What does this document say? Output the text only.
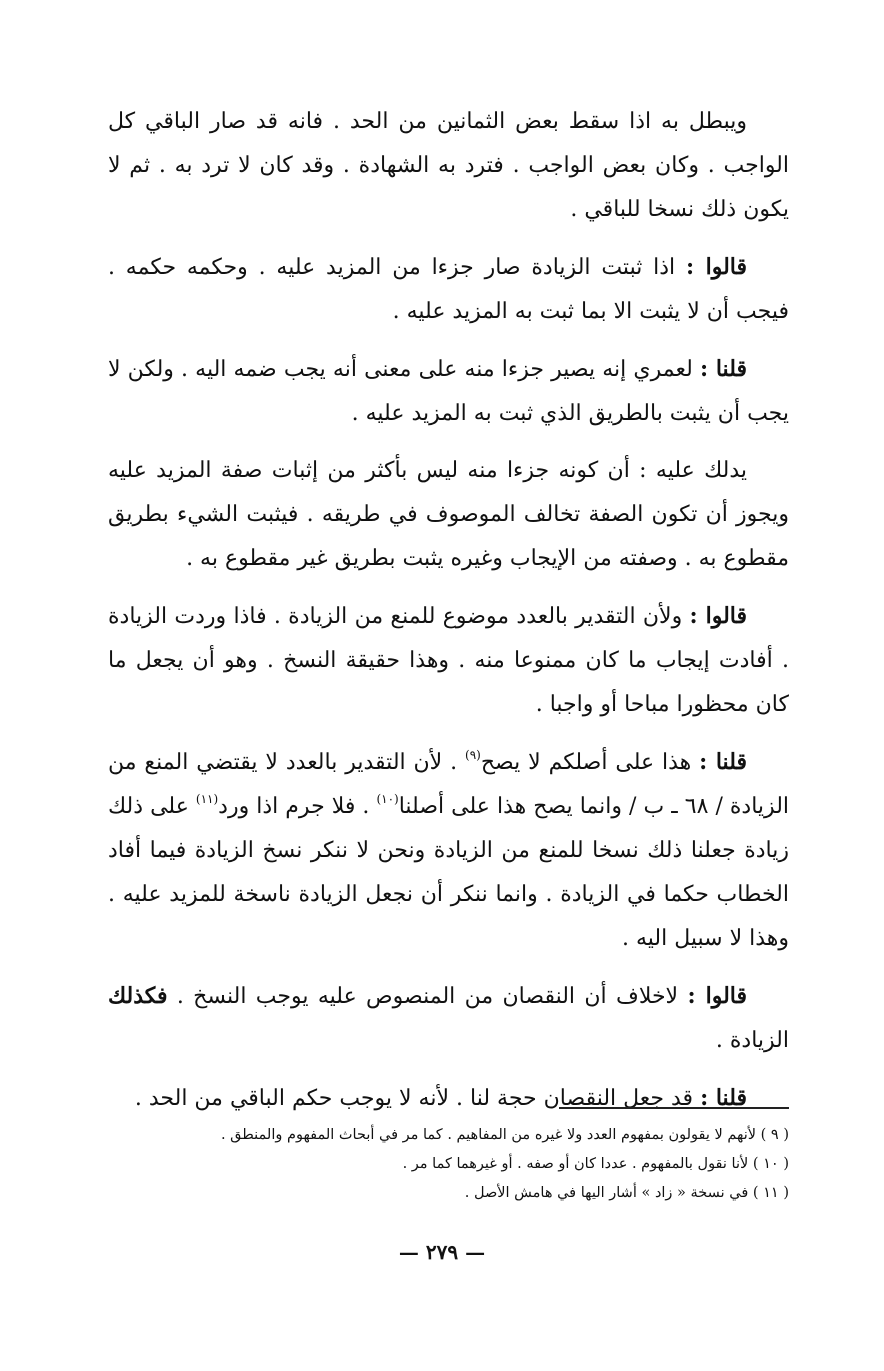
ويبطل به اذا سقط بعض الثمانين من الحد . فانه قد صار الباقي كل الواجب . وكان بعض الواجب . فترد به الشهادة . وقد كان لا ترد به . ثم لا يكون ذلك نسخا للباقي .

قالوا : اذا ثبتت الزيادة صار جزءا من المزيد عليه . وحكمه حكمه . فيجب أن لا يثبت الا بما ثبت به المزيد عليه .

قلنا : لعمري إنه يصير جزءا منه على معنى أنه يجب ضمه اليه . ولكن لا يجب أن يثبت بالطريق الذي ثبت به المزيد عليه .

يدلك عليه : أن كونه جزءا منه ليس بأكثر من إثبات صفة المزيد عليه ويجوز أن تكون الصفة تخالف الموصوف في طريقه . فيثبت الشيء بطريق مقطوع به . وصفته من الإيجاب وغيره يثبت بطريق غير مقطوع به .

قالوا : ولأن التقدير بالعدد موضوع للمنع من الزيادة . فاذا وردت الزيادة . أفادت إيجاب ما كان ممنوعا منه . وهذا حقيقة النسخ . وهو أن يجعل ما كان محظورا مباحا أو واجبا .

قلنا : هذا على أصلكم لا يصح$^{(٩)}$ . لأن التقدير بالعدد لا يقتضي المنع من الزيادة / ٦٨ ـ ب / وانما يصح هذا على أصلنا$^{(١٠)}$ . فلا جرم اذا ورد$^{(١١)}$ على ذلك زيادة جعلنا ذلك نسخا للمنع من الزيادة ونحن لا ننكر نسخ الزيادة فيما أفاد الخطاب حكما في الزيادة . وانما ننكر أن نجعل الزيادة ناسخة للمزيد عليه . وهذا لا سبيل اليه .

قالوا : لاخلاف أن النقصان من المنصوص عليه يوجب النسخ . فكذلك الزيادة .

قلنا : قد جعل النقصان حجة لنا . لأنه لا يوجب حكم الباقي من الحد .

( ٩ ) لأنهم لا يقولون بمفهوم العدد ولا غيره من المفاهيم . كما مر في أبحاث المفهوم والمنطق .
( ١٠ ) لأنا نقول بالمفهوم . عددا كان أو صفه . أو غيرهما كما مر .
( ١١ ) في نسخة « زاد » أشار اليها في هامش الأصل .
— ٢٧٩ —
